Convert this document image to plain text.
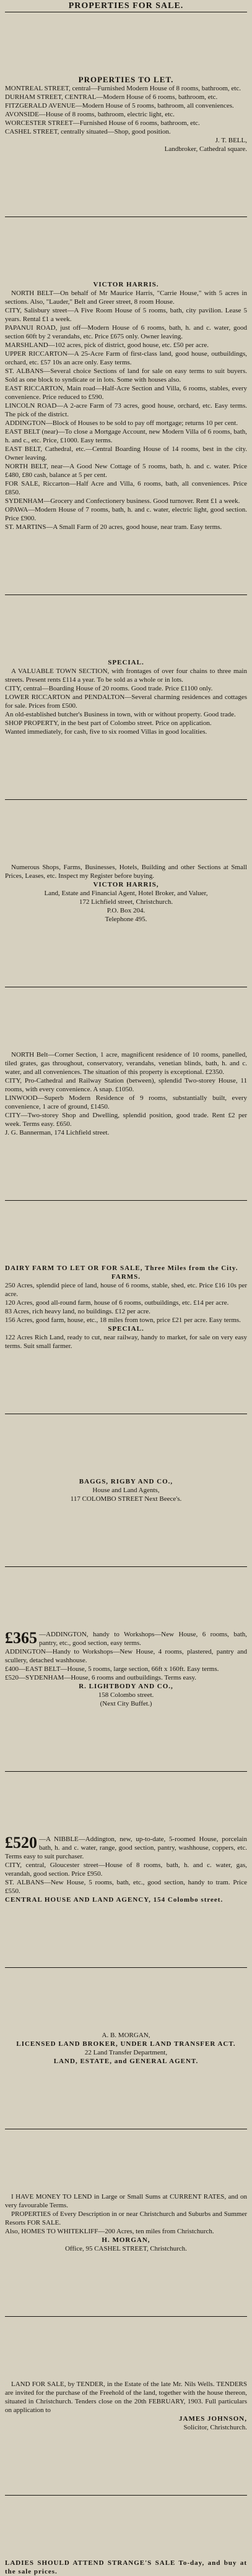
PROPERTIES FOR SALE.

PROPERTIES TO LET.

MONTREAL STREET, central—Furnished Modern House of 8 rooms, bathroom, etc.

DURHAM STREET, CENTRAL—Modern House of 6 rooms, bathroom, etc.

FITZGERALD AVENUE—Modern House of 5 rooms, bathroom, all conveniences.

AVONSIDE—House of 8 rooms, bathroom, electric light, etc.

WORCESTER STREET—Furnished House of 6 rooms, bathroom, etc.

CASHEL STREET, centrally situated—Shop, good position.

J. T. BELL,

Landbroker, Cathedral square.

VICTOR HARRIS.

NORTH BELT—On behalf of Mr Maurice Harris, "Carrie House," with 5 acres in sections. Also, "Lauder," Belt and Greer street, 8 room House.

CITY, Salisbury street—A Five Room House of 5 rooms, bath, city pavilion. Lease 5 years. Rental £1 a week.

PAPANUI ROAD, just off—Modern House of 6 rooms, bath, h. and c. water, good section 60ft by 2 verandahs, etc. Price £675 only. Owner leaving.

MARSHLAND—102 acres, pick of district, good house, etc. £50 per acre.

UPPER RICCARTON—A 25-Acre Farm of first-class land, good house, outbuildings, orchard, etc. £57 10s an acre only. Easy terms.

ST. ALBANS—Several choice Sections of land for sale on easy terms to suit buyers. Sold as one block to syndicate or in lots. Some with houses also.

EAST RICCARTON, Main road—Half-Acre Section and Villa, 6 rooms, stables, every convenience. Price reduced to £590.

LINCOLN ROAD—A 2-acre Farm of 73 acres, good house, orchard, etc. Easy terms. The pick of the district.

ADDINGTON—Block of Houses to be sold to pay off mortgage; returns 10 per cent.

EAST BELT (near)—To close a Mortgage Account, new Modern Villa of 6 rooms, bath, h. and c., etc. Price, £1000. Easy terms.

EAST BELT, Cathedral, etc.—Central Boarding House of 14 rooms, best in the city. Owner leaving.

NORTH BELT, near—A Good New Cottage of 5 rooms, bath, h. and c. water. Price £480, £80 cash, balance at 5 per cent.

FOR SALE, Riccarton—Half Acre and Villa, 6 rooms, bath, all conveniences. Price £850.

SYDENHAM—Grocery and Confectionery business. Good turnover. Rent £1 a week.

OPAWA—Modern House of 7 rooms, bath, h. and c. water, electric light, good section. Price £900.

ST. MARTINS—A Small Farm of 20 acres, good house, near tram. Easy terms.

SPECIAL.

A VALUABLE TOWN SECTION, with frontages of over four chains to three main streets. Present rents £114 a year. To be sold as a whole or in lots.

CITY, central—Boarding House of 20 rooms. Good trade. Price £1100 only.

LOWER RICCARTON and PENDALTON—Several charming residences and cottages for sale. Prices from £500.

An old-established butcher's Business in town, with or without property. Good trade.

SHOP PROPERTY, in the best part of Colombo street. Price on application.

Wanted immediately, for cash, five to six roomed Villas in good localities.

Numerous Shops, Farms, Businesses, Hotels, Building and other Sections at Small Prices, Leases, etc. Inspect my Register before buying.

VICTOR HARRIS,

Land, Estate and Financial Agent, Hotel Broker, and Valuer,

172 Lichfield street, Christchurch.

P.O. Box 204.

Telephone 495.

NORTH Belt—Corner Section, 1 acre, magnificent residence of 10 rooms, panelled, tiled grates, gas throughout, conservatory, verandahs, venetian blinds, bath, h. and c. water, and all conveniences. The situation of this property is exceptional. £2350.

CITY, Pro-Cathedral and Railway Station (between), splendid Two-storey House, 11 rooms, with every convenience. A snap. £1050.

LINWOOD—Superb Modern Residence of 9 rooms, substantially built, every convenience, 1 acre of ground, £1450.

CITY—Two-storey Shop and Dwelling, splendid position, good trade. Rent £2 per week. Terms easy. £650.

J. G. Bannerman, 174 Lichfield street.

DAIRY FARM TO LET OR FOR SALE, Three Miles from the City.

FARMS.

250 Acres, splendid piece of land, house of 6 rooms, stable, shed, etc. Price £16 10s per acre.

120 Acres, good all-round farm, house of 6 rooms, outbuildings, etc. £14 per acre.

83 Acres, rich heavy land, no buildings. £12 per acre.

156 Acres, good farm, house, etc., 18 miles from town, price £21 per acre. Easy terms.

SPECIAL.

122 Acres Rich Land, ready to cut, near railway, handy to market, for sale on very easy terms. Suit small farmer.

BAGGS, RIGBY AND CO.,

House and Land Agents,

117 COLOMBO STREET Next Beece's.

£365 —ADDINGTON, handy to Workshops—New House, 6 rooms, bath, pantry, etc., good section, easy terms.

ADDINGTON—Handy to Workshops—New House, 4 rooms, plastered, pantry and scullery, detached washhouse.

£400—EAST BELT—House, 5 rooms, large section, 66ft x 160ft. Easy terms.

£520—SYDENHAM—House, 6 rooms and outbuildings. Terms easy.

R. LIGHTBODY AND CO.,

158 Colombo street.

(Next City Buffet.)

£520 —A NIBBLE—Addington, new, up-to-date, 5-roomed House, porcelain bath, h. and c. water, range, good section, pantry, washhouse, coppers, etc. Terms easy to suit purchaser.

CITY, central, Gloucester street—House of 8 rooms, bath, h. and c. water, gas, verandah, good section. Price £950.

ST. ALBANS—New House, 5 rooms, bath, etc., good section, handy to tram. Price £550.

CENTRAL HOUSE AND LAND AGENCY, 154 Colombo street.

A. B. MORGAN,

LICENSED LAND BROKER, UNDER LAND TRANSFER ACT.

22 Land Transfer Department,

LAND, ESTATE, and GENERAL AGENT.

I HAVE MONEY TO LEND in Large or Small Sums at CURRENT RATES, and on very favourable Terms.

PROPERTIES of Every Description in or near Christchurch and Suburbs and Summer Resorts FOR SALE.

Also, HOMES TO WHITEKLIFF—200 Acres, ten miles from Christchurch.

H. MORGAN,

Office, 95 CASHEL STREET, Christchurch.

LAND FOR SALE, by TENDER, in the Estate of the late Mr. Nils Wells. TENDERS are invited for the purchase of the Freehold of the land, together with the house thereon, situated in Christchurch. Tenders close on the 20th FEBRUARY, 1903. Full particulars on application to

JAMES JOHNSON,

Solicitor, Christchurch.

LADIES SHOULD ATTEND STRANGE'S SALE To-day, and buy at the sale prices.
